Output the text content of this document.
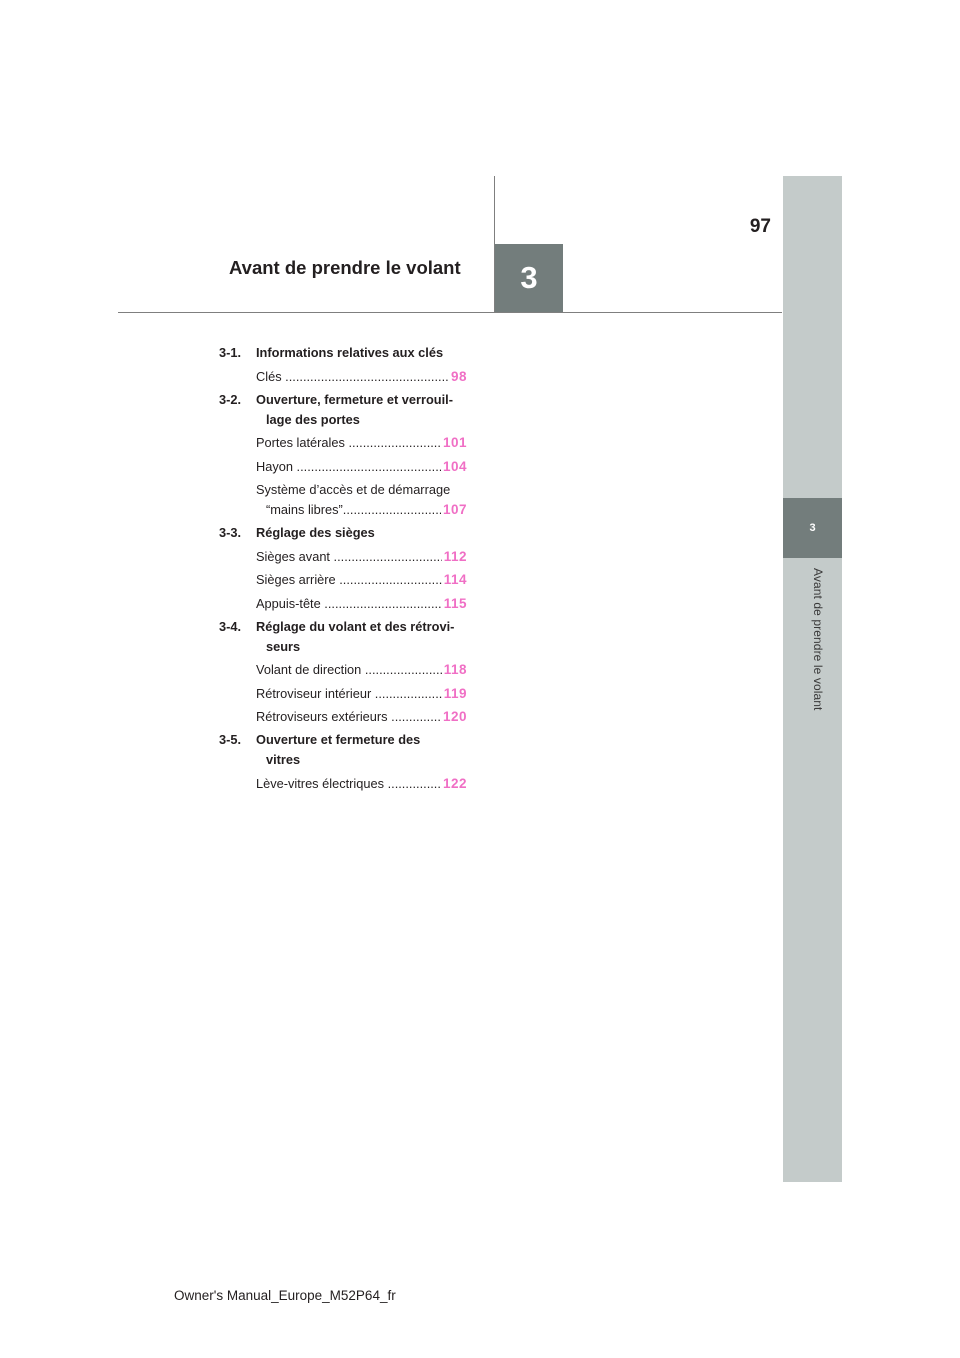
3
Avant de prendre le volant
97
3
Avant de prendre le volant
3-1.	Informations relatives aux clés
Clés .....	98
3-2.	Ouverture, fermeture et verrouil-

lage des portes
Portes latérales .....	101
Hayon .....	104
Système d’accès et de démarrage
“mains libres” .....	107
3-3.	Réglage des sièges
Sièges avant .....	112
Sièges arrière .....	114
Appuis-tête .....	115
3-4.	Réglage du volant et des rétrovi-

seurs
Volant de direction .....	118
Rétroviseur intérieur .....	119
Rétroviseurs extérieurs .....	120
3-5.	Ouverture et fermeture des

vitres
Lève-vitres électriques .....	122
Owner's Manual_Europe_M52P64_fr
